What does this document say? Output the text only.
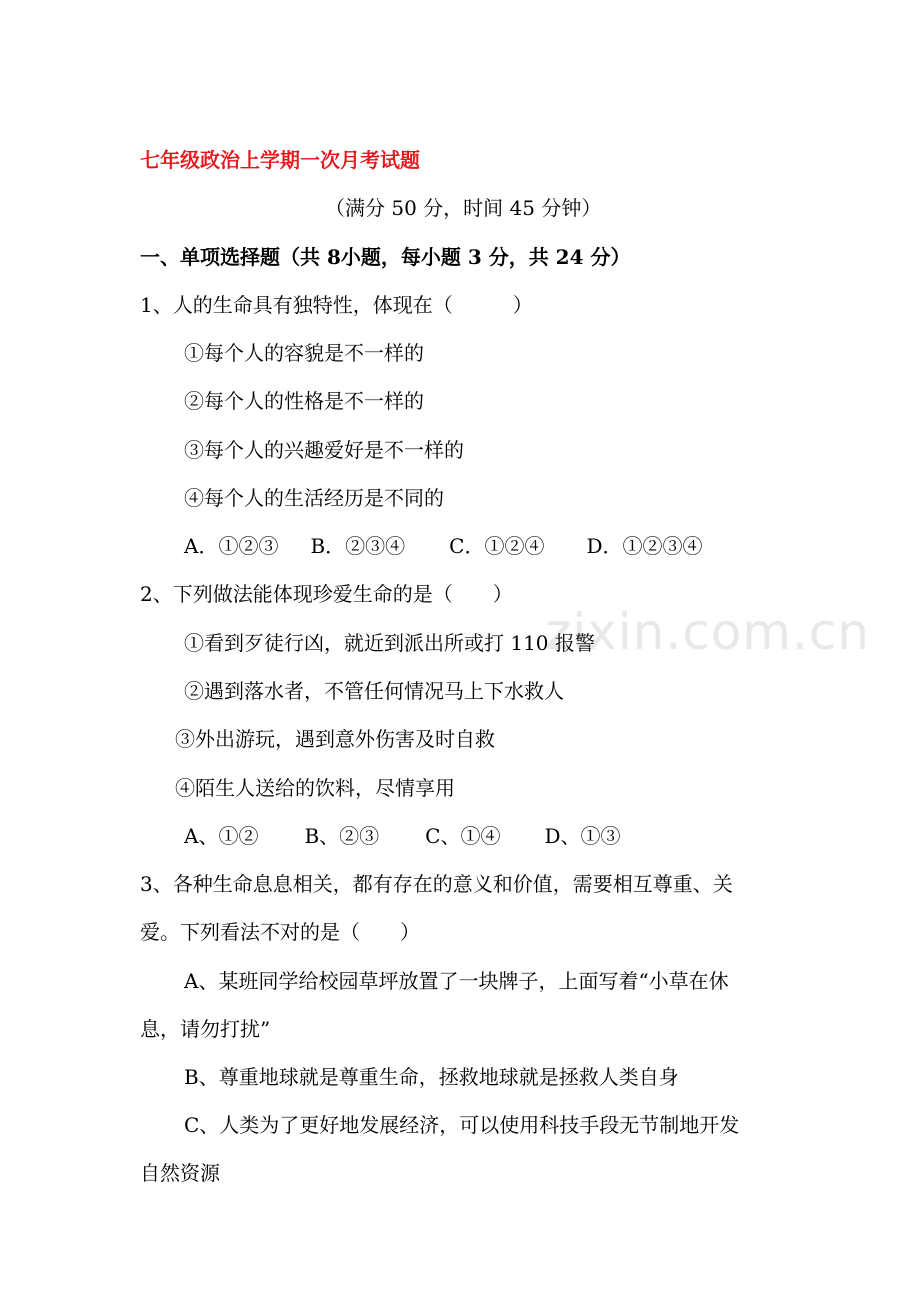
zixin.com.cn
七年级政治上学期一次月考试题
（满分 50 分，时间 45 分钟）
一、单项选择题（共 8小题，每小题 3 分，共 24 分）
1、人的生命具有独特性，体现在（　　　）
①每个人的容貌是不一样的
②每个人的性格是不一样的
③每个人的兴趣爱好是不一样的
④每个人的生活经历是不同的
A．①②③ B．②③④ C．①②④ D．①②③④
2、下列做法能体现珍爱生命的是（　　）
①看到歹徒行凶，就近到派出所或打 110 报警
②遇到落水者，不管任何情况马上下水救人
③外出游玩，遇到意外伤害及时自救
④陌生人送给的饮料，尽情享用
A、①② B、②③ C、①④ D、①③
3、各种生命息息相关，都有存在的意义和价值，需要相互尊重、关
爱。下列看法不对的是（　　）
A、某班同学给校园草坪放置了一块牌子，上面写着“小草在休
息，请勿打扰”
B、尊重地球就是尊重生命，拯救地球就是拯救人类自身
C、人类为了更好地发展经济，可以使用科技手段无节制地开发
自然资源
